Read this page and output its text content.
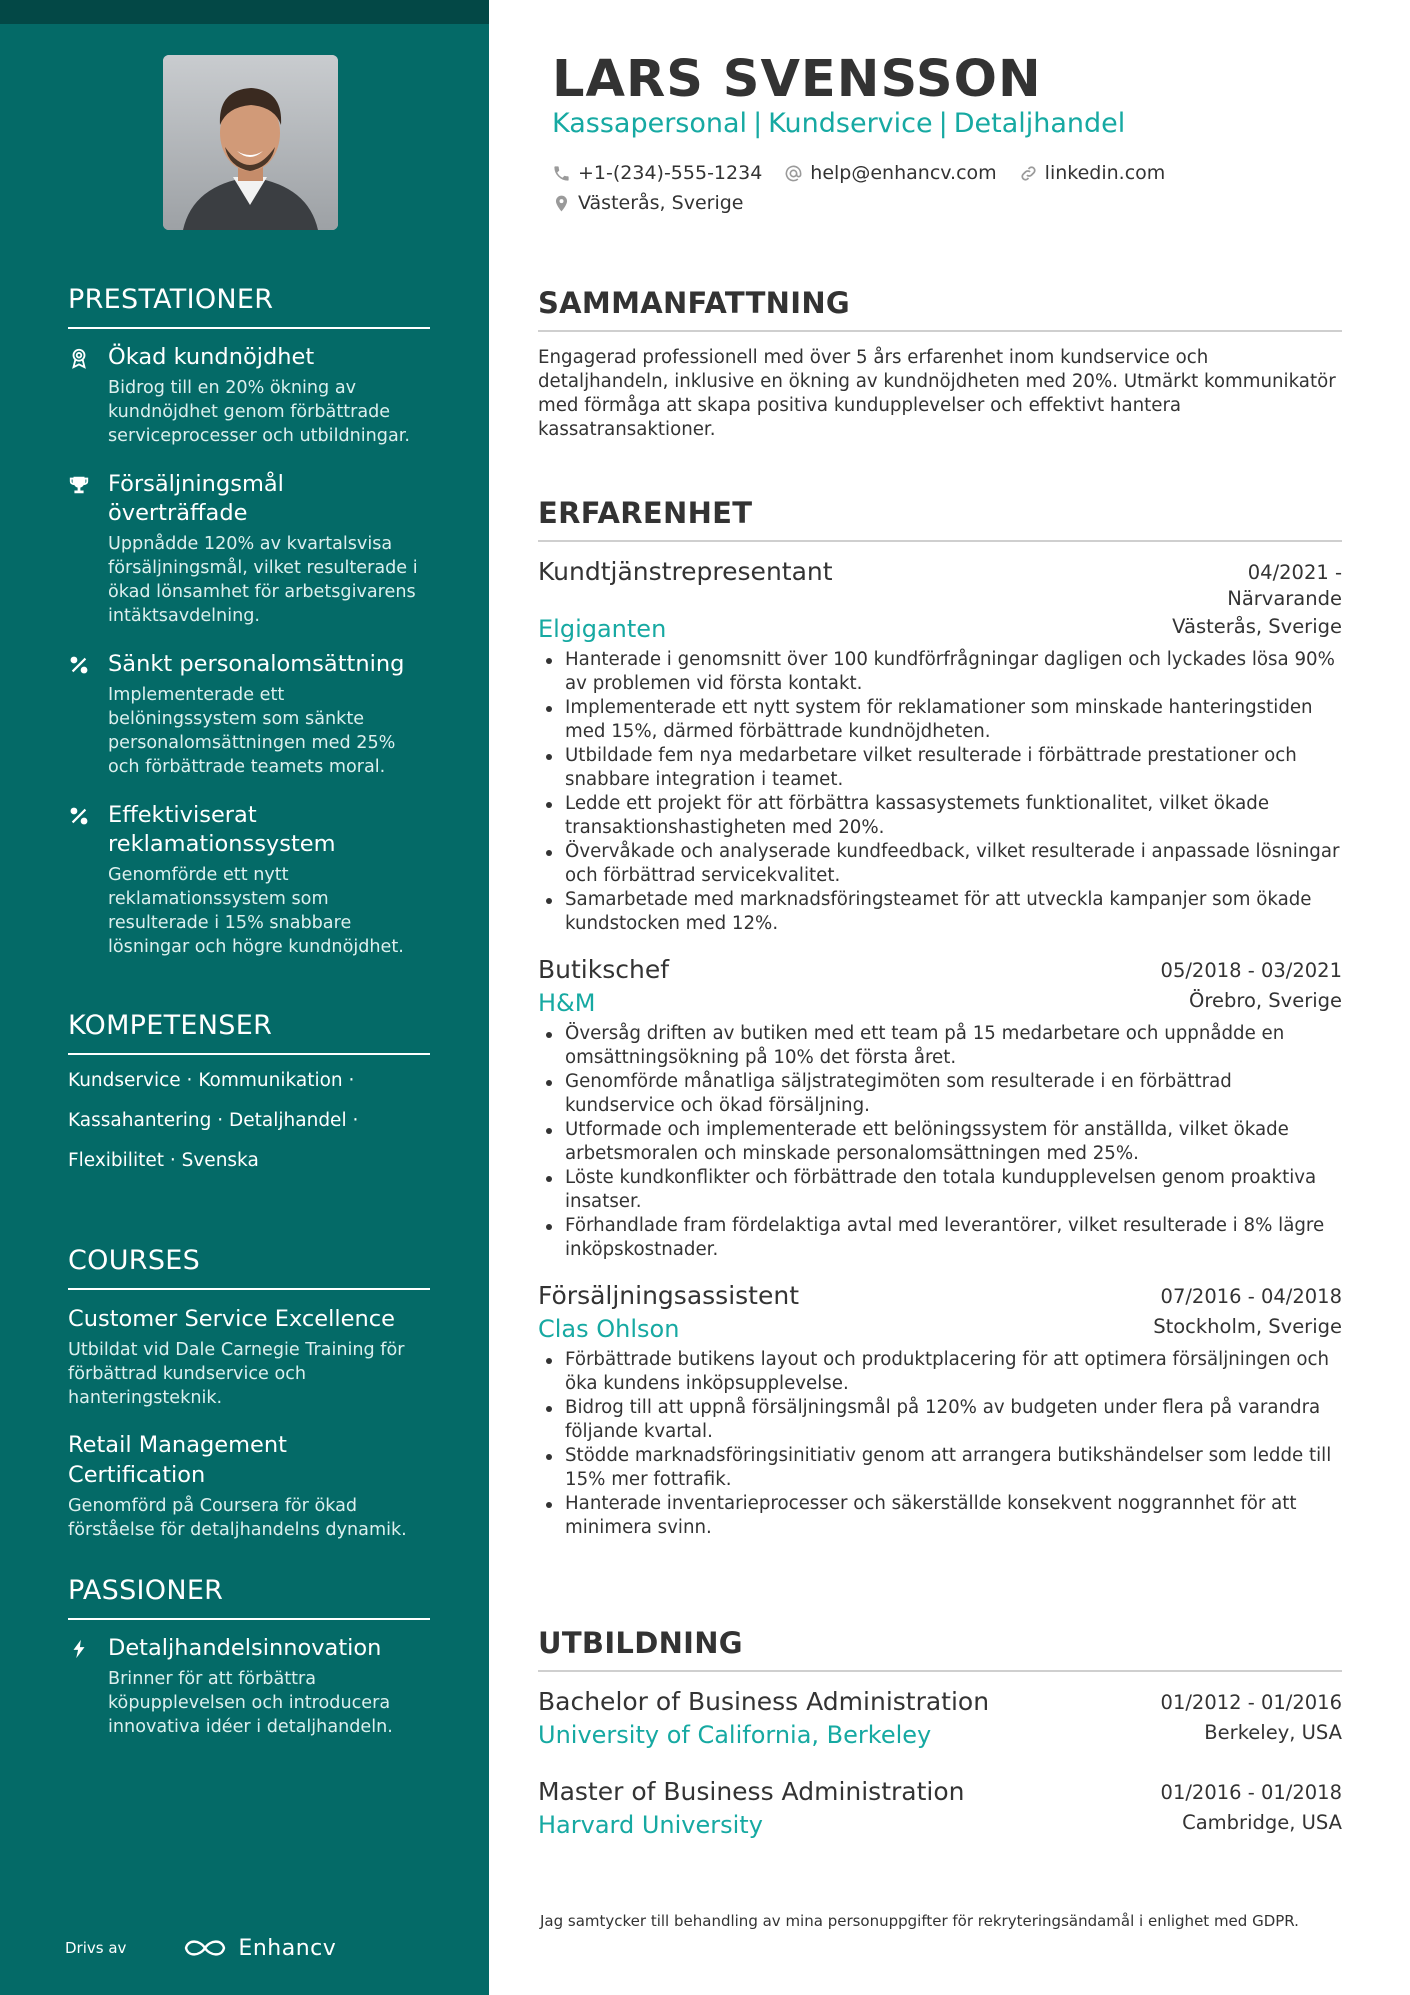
PRESTATIONER
Ökad kundnöjdhet
Bidrog till en 20% ökning av kundnöjdhet genom förbättrade serviceprocesser och utbildningar.
Försäljningsmål överträffade
Uppnådde 120% av kvartalsvisa försäljningsmål, vilket resulterade i ökad lönsamhet för arbetsgivarens intäktsavdelning.
Sänkt personalomsättning
Implementerade ett belöningssystem som sänkte personalomsättningen med 25% och förbättrade teamets moral.
Effektiviserat reklamationssystem
Genomförde ett nytt reklamationssystem som resulterade i 15% snabbare lösningar och högre kundnöjdhet.
KOMPETENSER
Kundservice · Kommunikation ·
Kassahantering · Detaljhandel ·
Flexibilitet · Svenska
COURSES
Customer Service Excellence
Utbildat vid Dale Carnegie Training för förbättrad kundservice och hanteringsteknik.
Retail Management Certification
Genomförd på Coursera för ökad förståelse för detaljhandelns dynamik.
PASSIONER
Detaljhandelsinnovation
Brinner för att förbättra köpupplevelsen och introducera innovativa idéer i detaljhandeln.
Drivs av	Enhancv
LARS SVENSSON
Kassapersonal | Kundservice | Detaljhandel
+1-(234)-555-1234	help@enhancv.com	linkedin.com
Västerås, Sverige
SAMMANFATTNING

Engagerad professionell med över 5 års erfarenhet inom kundservice och detaljhandeln, inklusive en ökning av kundnöjdheten med 20%. Utmärkt kommunikatör med förmåga att skapa positiva kundupplevelser och effektivt hantera kassatransaktioner.

ERFARENHET
Kundtjänstrepresentant	04/2021 -
Närvarande
Elgiganten	Västerås, Sverige
Hanterade i genomsnitt över 100 kundförfrågningar dagligen och lyckades lösa 90% av problemen vid första kontakt.
Implementerade ett nytt system för reklamationer som minskade hanteringstiden med 15%, därmed förbättrade kundnöjdheten.
Utbildade fem nya medarbetare vilket resulterade i förbättrade prestationer och snabbare integration i teamet.
Ledde ett projekt för att förbättra kassasystemets funktionalitet, vilket ökade transaktionshastigheten med 20%.
Övervåkade och analyserade kundfeedback, vilket resulterade i anpassade lösningar och förbättrad servicekvalitet.
Samarbetade med marknadsföringsteamet för att utveckla kampanjer som ökade kundstocken med 12%.
Butikschef	05/2018 - 03/2021
H&M	Örebro, Sverige
Översåg driften av butiken med ett team på 15 medarbetare och uppnådde en omsättningsökning på 10% det första året.
Genomförde månatliga säljstrategimöten som resulterade i en förbättrad kundservice och ökad försäljning.
Utformade och implementerade ett belöningssystem för anställda, vilket ökade arbetsmoralen och minskade personalomsättningen med 25%.
Löste kundkonflikter och förbättrade den totala kundupplevelsen genom proaktiva insatser.
Förhandlade fram fördelaktiga avtal med leverantörer, vilket resulterade i 8% lägre inköpskostnader.
Försäljningsassistent	07/2016 - 04/2018
Clas Ohlson	Stockholm, Sverige
Förbättrade butikens layout och produktplacering för att optimera försäljningen och öka kundens inköpsupplevelse.
Bidrog till att uppnå försäljningsmål på 120% av budgeten under flera på varandra följande kvartal.
Stödde marknadsföringsinitiativ genom att arrangera butikshändelser som ledde till 15% mer fottrafik.
Hanterade inventarieprocesser och säkerställde konsekvent noggrannhet för att minimera svinn.
UTBILDNING
Bachelor of Business Administration	01/2012 - 01/2016
University of California, Berkeley	Berkeley, USA
Master of Business Administration	01/2016 - 01/2018
Harvard University	Cambridge, USA

Jag samtycker till behandling av mina personuppgifter för rekryteringsändamål i enlighet med GDPR.
